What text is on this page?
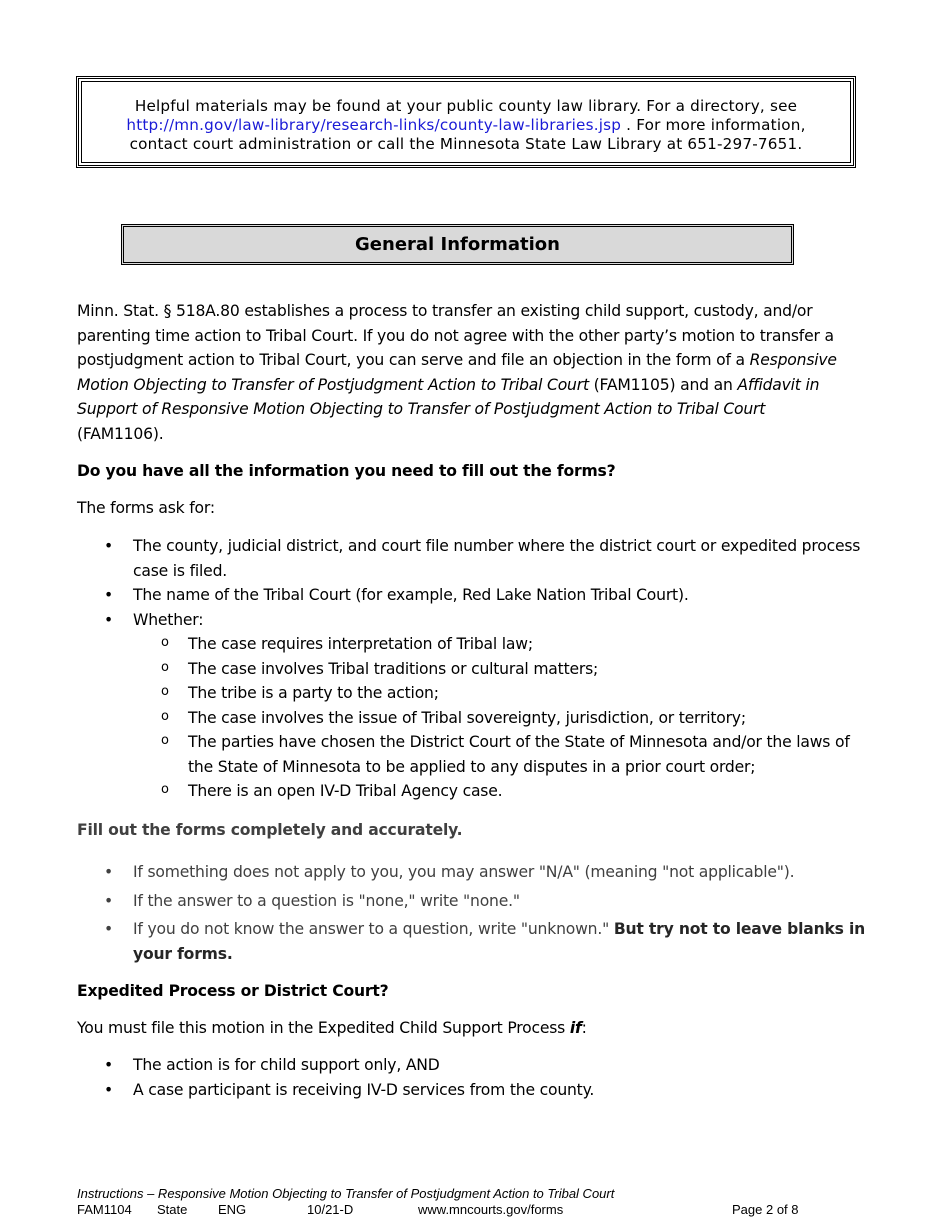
Helpful materials may be found at your public county law library. For a directory, see
http://mn.gov/law-library/research-links/county-law-libraries.jsp . For more information,
contact court administration or call the Minnesota State Law Library at 651-297-7651.
General Information
Minn. Stat. § 518A.80 establishes a process to transfer an existing child support, custody, and/or parenting time action to Tribal Court. If you do not agree with the other party’s motion to transfer a postjudgment action to Tribal Court, you can serve and file an objection in the form of a Responsive Motion Objecting to Transfer of Postjudgment Action to Tribal Court (FAM1105) and an Affidavit in Support of Responsive Motion Objecting to Transfer of Postjudgment Action to Tribal Court
(FAM1106).
Do you have all the information you need to fill out the forms?
The forms ask for:
• The county, judicial district, and court file number where the district court or expedited process case is filed.
• The name of the Tribal Court (for example, Red Lake Nation Tribal Court).
• Whether:
o The case requires interpretation of Tribal law;
o The case involves Tribal traditions or cultural matters;
o The tribe is a party to the action;
o The case involves the issue of Tribal sovereignty, jurisdiction, or territory;
o The parties have chosen the District Court of the State of Minnesota and/or the laws of the State of Minnesota to be applied to any disputes in a prior court order;
o There is an open IV-D Tribal Agency case.
Fill out the forms completely and accurately.
• If something does not apply to you, you may answer "N/A" (meaning "not applicable").
• If the answer to a question is "none," write "none."
• If you do not know the answer to a question, write "unknown." But try not to leave blanks in your forms.
Expedited Process or District Court?
You must file this motion in the Expedited Child Support Process if:
• The action is for child support only, AND
• A case participant is receiving IV-D services from the county.
Instructions – Responsive Motion Objecting to Transfer of Postjudgment Action to Tribal Court
FAM1104 State ENG	10/21-D	www.mncourts.gov/forms	Page 2 of 8
